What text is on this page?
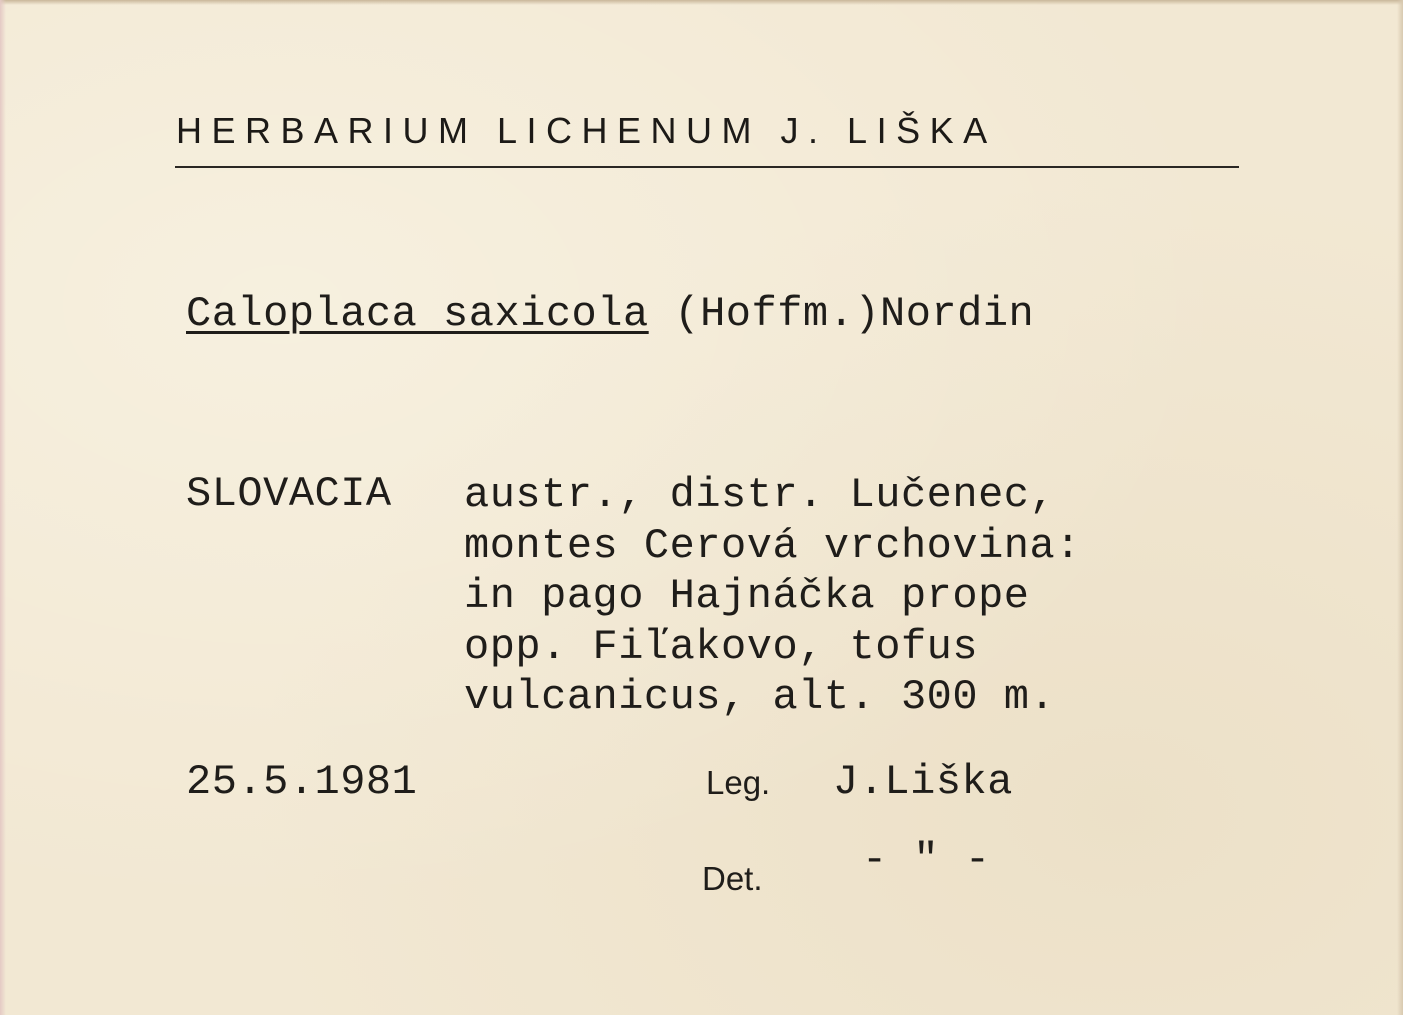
HERBARIUM LICHENUM J. LIŠKA
Caloplaca saxicola (Hoffm.)Nordin
SLOVACIA austr., distr. Lučenec,
montes Cerová vrchovina:
in pago Hajnáčka prope
opp. Fiľakovo, tofus
vulcanicus, alt. 300 m.
25.5.1981	Leg. J.Liška
Det. - " -
